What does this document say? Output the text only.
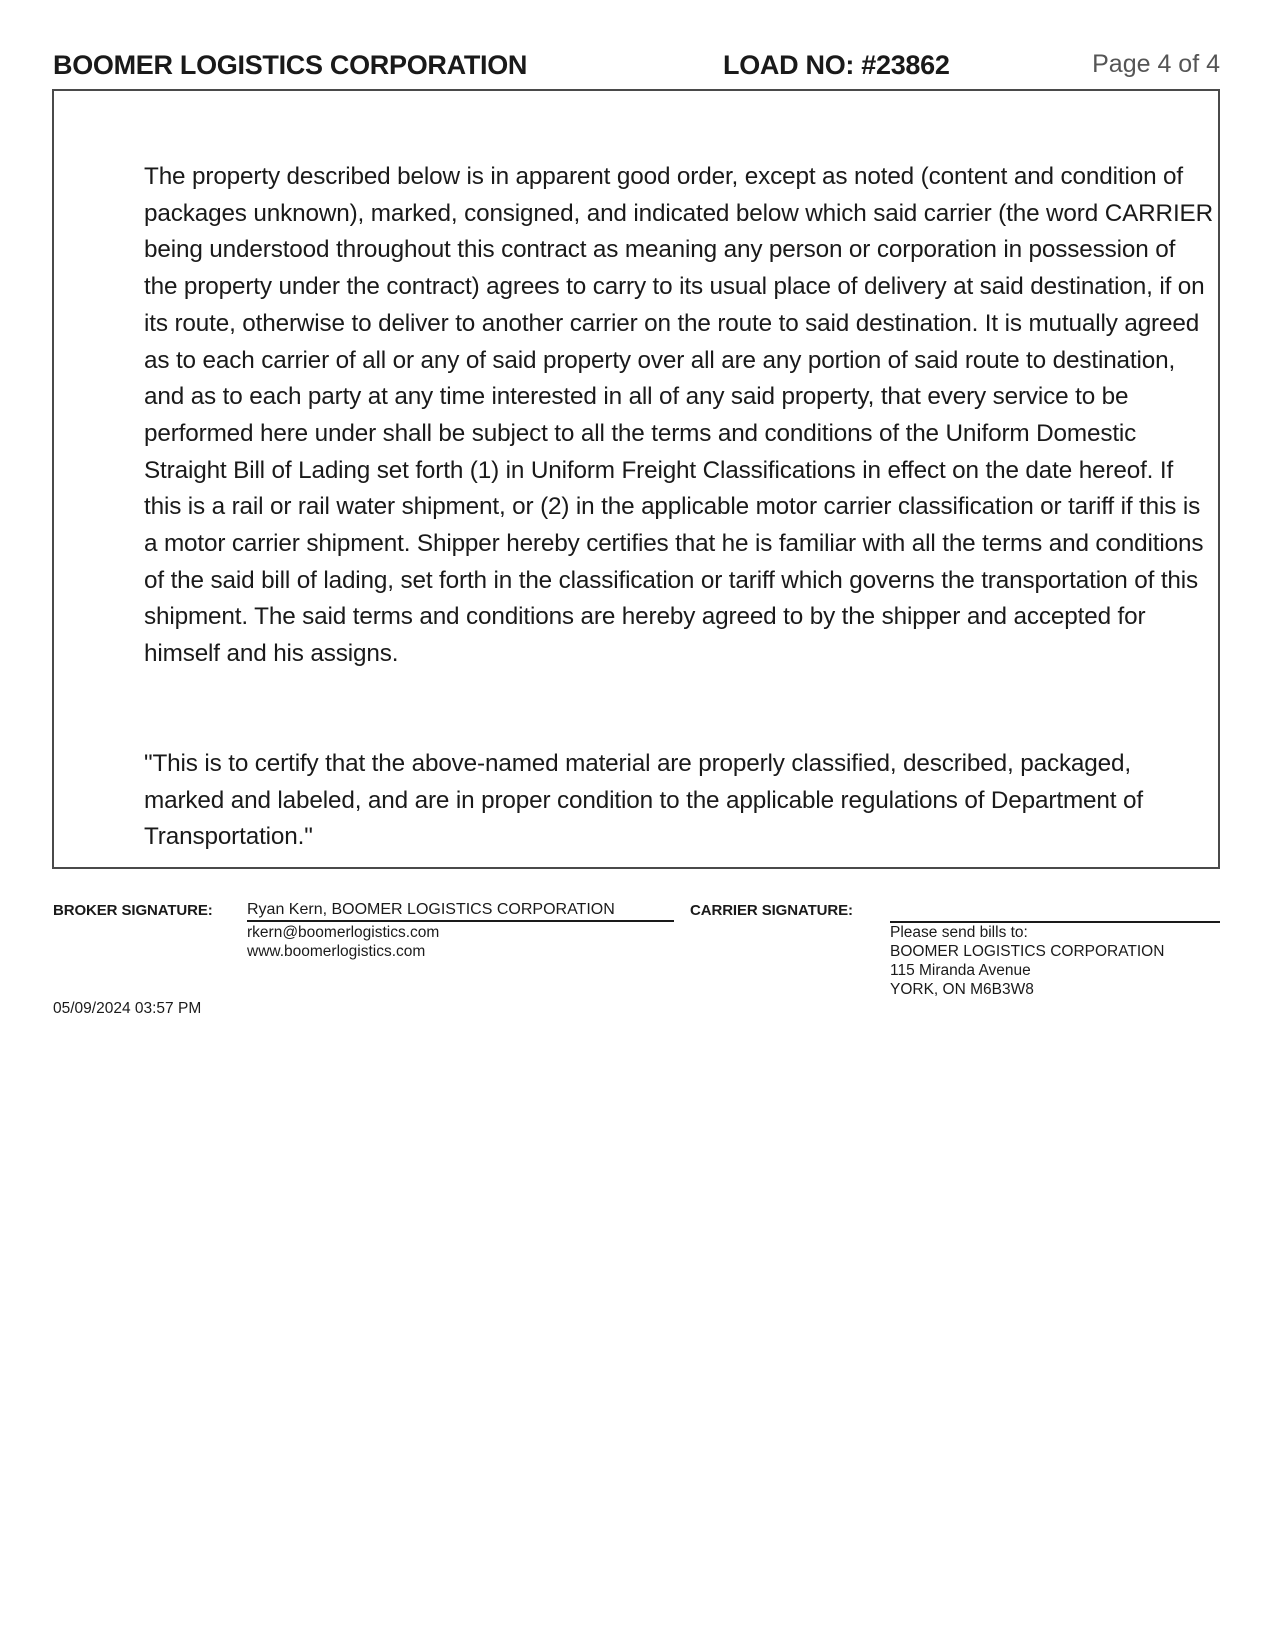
BOOMER LOGISTICS CORPORATION	LOAD NO: #23862	Page 4 of 4

The property described below is in apparent good order, except as noted (content and condition of packages unknown), marked, consigned, and indicated below which said carrier (the word CARRIER being understood throughout this contract as meaning any person or corporation in possession of the property under the contract) agrees to carry to its usual place of delivery at said destination, if on its route, otherwise to deliver to another carrier on the route to said destination. It is mutually agreed as to each carrier of all or any of said property over all are any portion of said route to destination, and as to each party at any time interested in all of any said property, that every service to be performed here under shall be subject to all the terms and conditions of the Uniform Domestic Straight Bill of Lading set forth (1) in Uniform Freight Classifications in effect on the date hereof. If this is a rail or rail water shipment, or (2) in the applicable motor carrier classification or tariff if this is a motor carrier shipment. Shipper hereby certifies that he is familiar with all the terms and conditions of the said bill of lading, set forth in the classification or tariff which governs the transportation of this shipment. The said terms and conditions are hereby agreed to by the shipper and accepted for himself and his assigns.

"This is to certify that the above-named material are properly classified, described, packaged, marked and labeled, and are in proper condition to the applicable regulations of Department of Transportation."

BROKER SIGNATURE: Ryan Kern, BOOMER LOGISTICS CORPORATION
rkern@boomerlogistics.com
www.boomerlogistics.com
CARRIER SIGNATURE:
Please send bills to:
BOOMER LOGISTICS CORPORATION
115 Miranda Avenue
YORK, ON M6B3W8
05/09/2024 03:57 PM
